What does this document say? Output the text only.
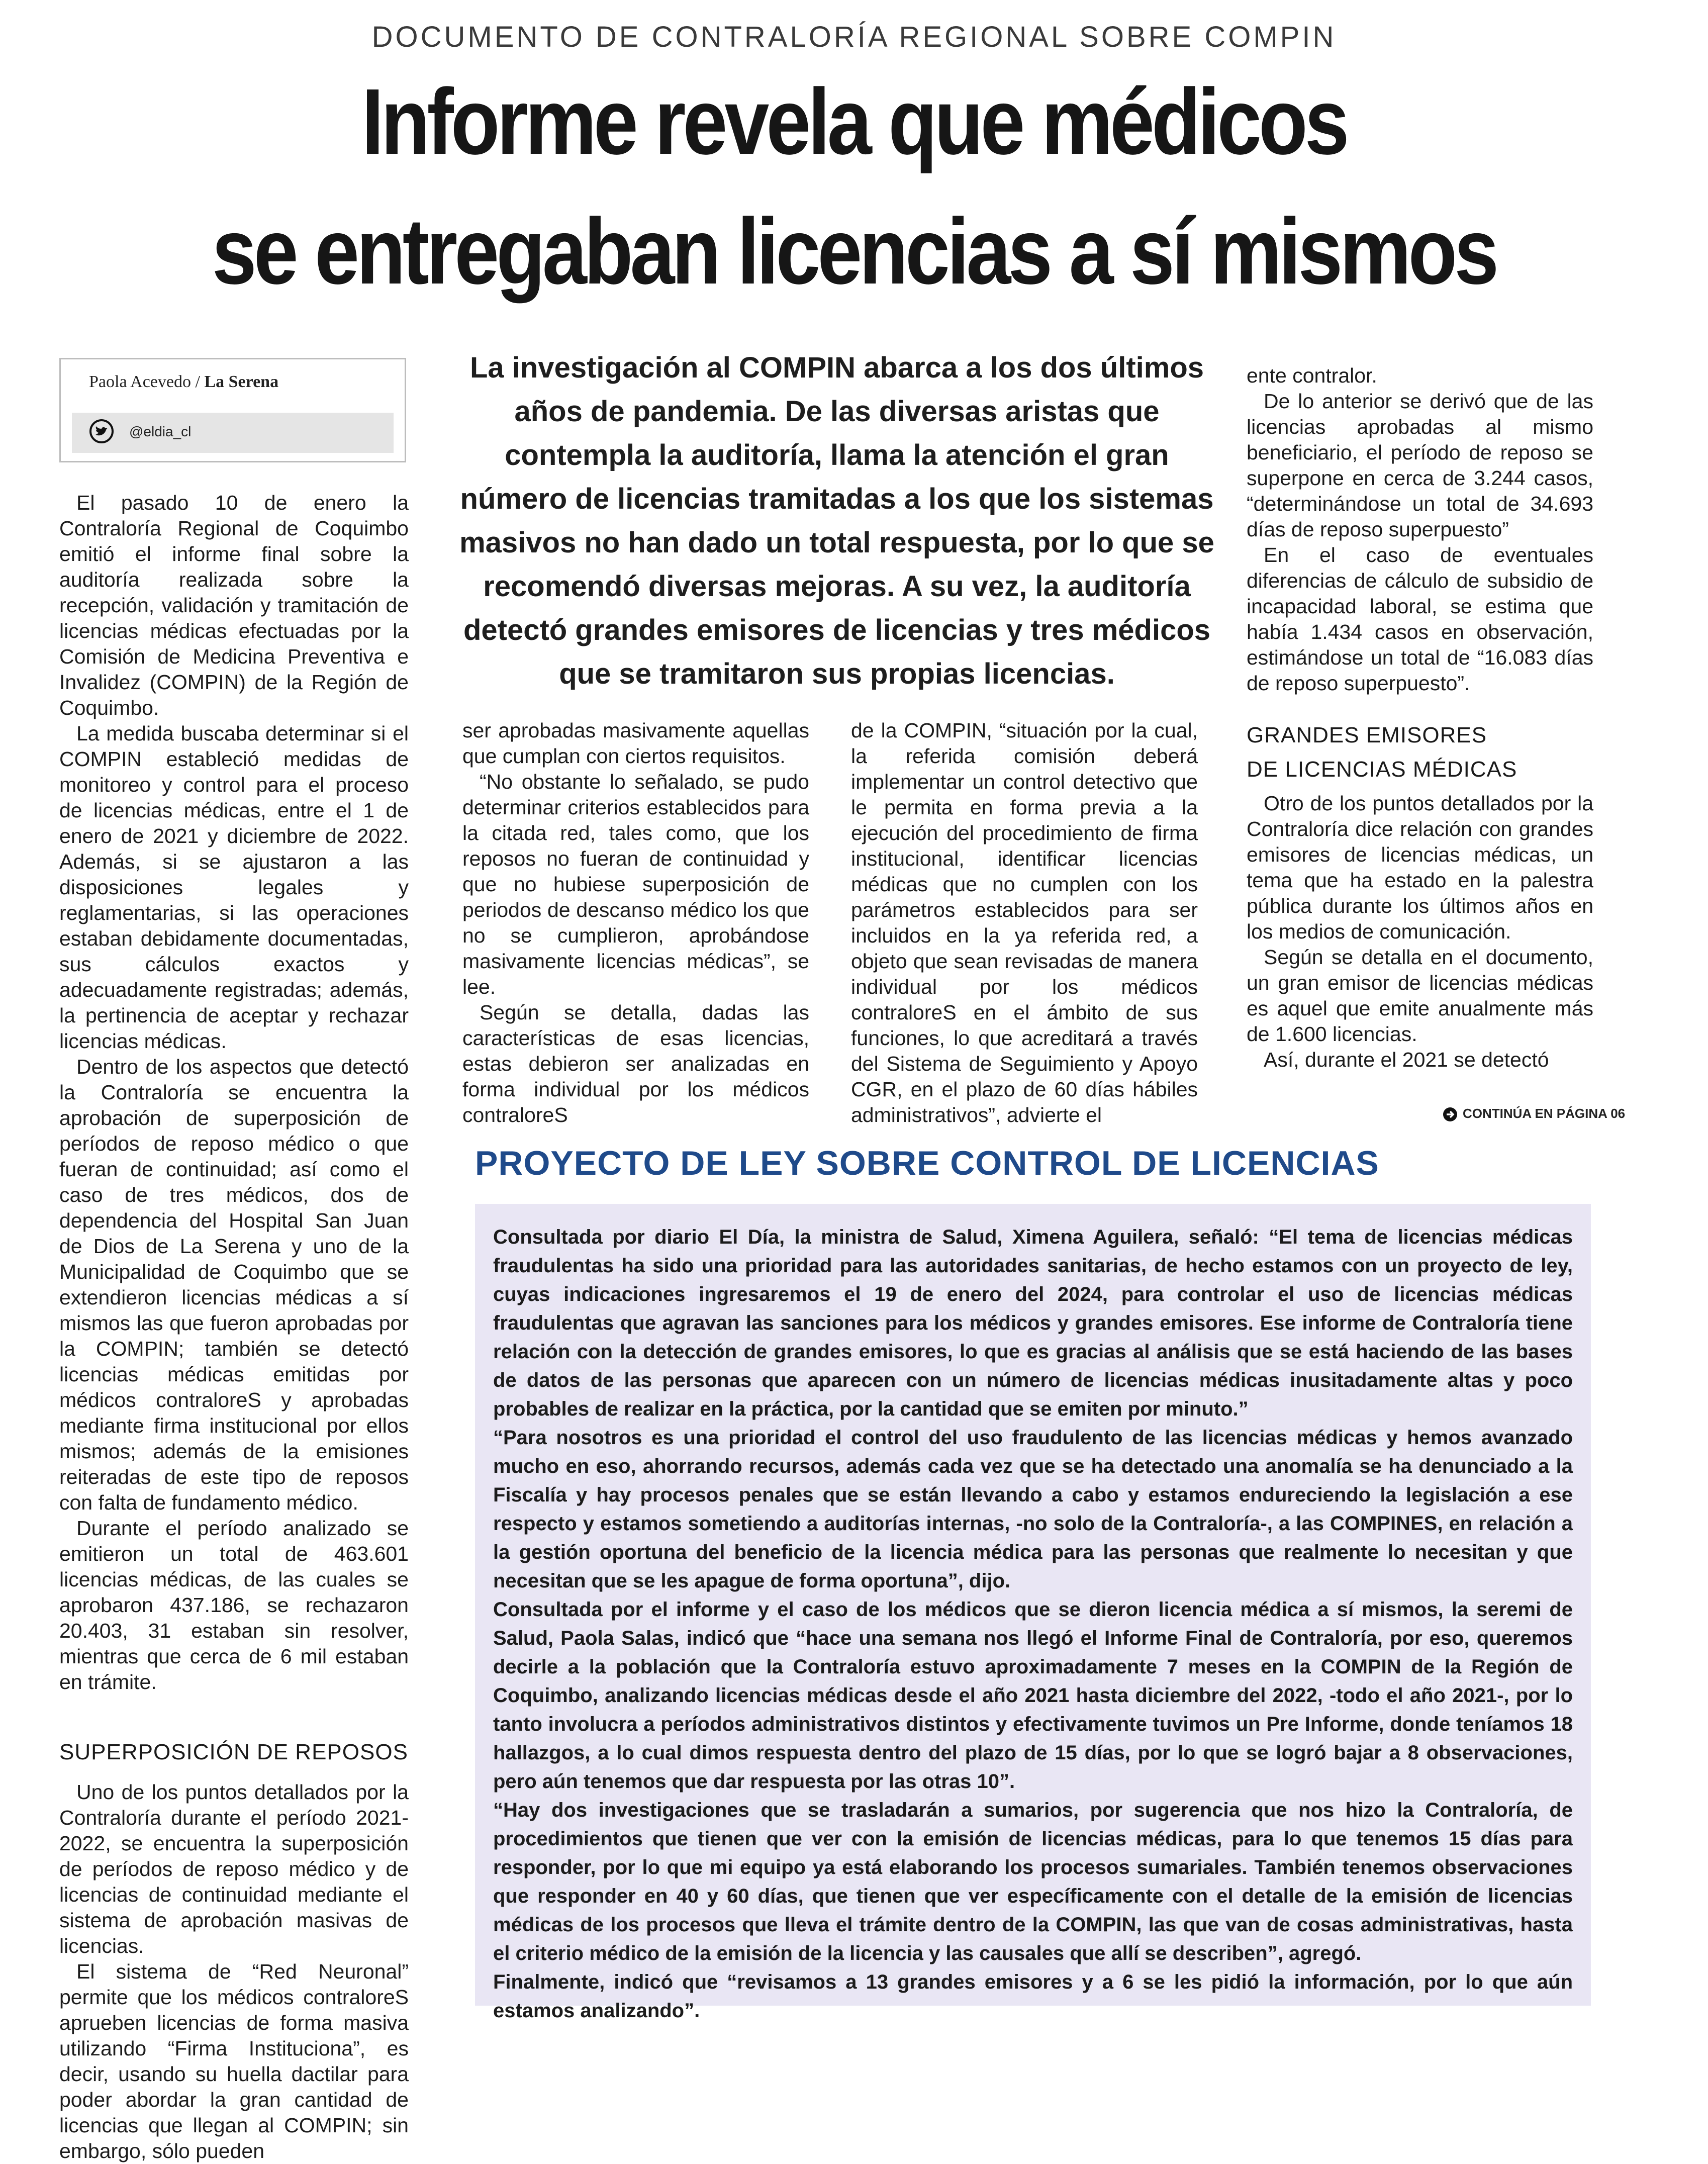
DOCUMENTO DE CONTRALORÍA REGIONAL SOBRE COMPIN
Informe revela que médicos
se entregaban licencias a sí mismos
Paola Acevedo / La Serena
@eldia_cl
La investigación al COMPIN abarca a los dos últimos años de pandemia. De las diversas aristas que contempla la auditoría, llama la atención el gran número de licencias tramitadas a los que los sistemas masivos no han dado un total respuesta, por lo que se recomendó diversas mejoras. A su vez, la auditoría detectó grandes emisores de licencias y tres médicos que se tramitaron sus propias licencias.

El pasado 10 de enero la Contraloría Regional de Coquimbo emitió el informe final sobre la auditoría realizada sobre la recepción, validación y tramitación de licencias médicas efectuadas por la Comisión de Medicina Preventiva e Invalidez (COMPIN) de la Región de Coquimbo.

La medida buscaba determinar si el COMPIN estableció medidas de monitoreo y control para el proceso de licencias médicas, entre el 1 de enero de 2021 y diciembre de 2022. Además, si se ajustaron a las disposiciones legales y reglamentarias, si las operaciones estaban debidamente documentadas, sus cálculos exactos y adecuadamente registradas; además, la pertinencia de aceptar y rechazar licencias médicas.

Dentro de los aspectos que detectó la Contraloría se encuentra la aprobación de superposición de períodos de reposo médico o que fueran de continuidad; así como el caso de tres médicos, dos de dependencia del Hospital San Juan de Dios de La Serena y uno de la Municipalidad de Coquimbo que se extendieron licencias médicas a sí mismos las que fueron aprobadas por la COMPIN; también se detectó licencias médicas emitidas por médicos contraloreS y aprobadas mediante firma institucional por ellos mismos; además de la emisiones reiteradas de este tipo de reposos con falta de fundamento médico.

Durante el período analizado se emitieron un total de 463.601 licencias médicas, de las cuales se aprobaron 437.186, se rechazaron 20.403, 31 estaban sin resolver, mientras que cerca de 6 mil estaban en trámite.

SUPERPOSICIÓN DE REPOSOS

Uno de los puntos detallados por la Contraloría durante el período 2021-2022, se encuentra la superposición de períodos de reposo médico y de licencias de continuidad mediante el sistema de aprobación masivas de licencias.

El sistema de “Red Neuronal” permite que los médicos contraloreS aprueben licencias de forma masiva utilizando “Firma Instituciona”, es decir, usando su huella dactilar para poder abordar la gran cantidad de licencias que llegan al COMPIN; sin embargo, sólo pueden

ser aprobadas masivamente aquellas que cumplan con ciertos requisitos.

“No obstante lo señalado, se pudo determinar criterios establecidos para la citada red, tales como, que los reposos no fueran de continuidad y que no hubiese superposición de periodos de descanso médico los que no se cumplieron, aprobándose masivamente licencias médicas”, se lee.

Según se detalla, dadas las características de esas licencias, estas debieron ser analizadas en forma individual por los médicos contraloreS

de la COMPIN, “situación por la cual, la referida comisión deberá implementar un control detectivo que le permita en forma previa a la ejecución del procedimiento de firma institucional, identificar licencias médicas que no cumplen con los parámetros establecidos para ser incluidos en la ya referida red, a objeto que sean revisadas de manera individual por los médicos contraloreS en el ámbito de sus funciones, lo que acreditará a través del Sistema de Seguimiento y Apoyo CGR, en el plazo de 60 días hábiles administrativos”, advierte el

ente contralor.

De lo anterior se derivó que de las licencias aprobadas al mismo beneficiario, el período de reposo se superpone en cerca de 3.244 casos, “determinándose un total de 34.693 días de reposo superpuesto”

En el caso de eventuales diferencias de cálculo de subsidio de incapacidad laboral, se estima que había 1.434 casos en observación, estimándose un total de “16.083 días de reposo superpuesto”.

GRANDES EMISORES
DE LICENCIAS MÉDICAS

Otro de los puntos detallados por la Contraloría dice relación con grandes emisores de licencias médicas, un tema que ha estado en la palestra pública durante los últimos años en los medios de comunicación.

Según se detalla en el documento, un gran emisor de licencias médicas es aquel que emite anualmente más de 1.600 licencias.

Así, durante el 2021 se detectó

CONTINÚA EN PÁGINA 06
PROYECTO DE LEY SOBRE CONTROL DE LICENCIAS

Consultada por diario El Día, la ministra de Salud, Ximena Aguilera, señaló: “El tema de licencias médicas fraudulentas ha sido una prioridad para las autoridades sanitarias, de hecho estamos con un proyecto de ley, cuyas indicaciones ingresaremos el 19 de enero del 2024, para controlar el uso de licencias médicas fraudulentas que agravan las sanciones para los médicos y grandes emisores. Ese informe de Contraloría tiene relación con la detección de grandes emisores, lo que es gracias al análisis que se está haciendo de las bases de datos de las personas que aparecen con un número de licencias médicas inusitadamente altas y poco probables de realizar en la práctica, por la cantidad que se emiten por minuto.”

“Para nosotros es una prioridad el control del uso fraudulento de las licencias médicas y hemos avanzado mucho en eso, ahorrando recursos, además cada vez que se ha detectado una anomalía se ha denunciado a la Fiscalía y hay procesos penales que se están llevando a cabo y estamos endureciendo la legislación a ese respecto y estamos sometiendo a auditorías internas, -no solo de la Contraloría-, a las COMPINES, en relación a la gestión oportuna del beneficio de la licencia médica para las personas que realmente lo necesitan y que necesitan que se les apague de forma oportuna”, dijo.

Consultada por el informe y el caso de los médicos que se dieron licencia médica a sí mismos, la seremi de Salud, Paola Salas, indicó que “hace una semana nos llegó el Informe Final de Contraloría, por eso, queremos decirle a la población que la Contraloría estuvo aproximadamente 7 meses en la COMPIN de la Región de Coquimbo, analizando licencias médicas desde el año 2021 hasta diciembre del 2022, -todo el año 2021-, por lo tanto involucra a períodos administrativos distintos y efectivamente tuvimos un Pre Informe, donde teníamos 18 hallazgos, a lo cual dimos respuesta dentro del plazo de 15 días, por lo que se logró bajar a 8 observaciones, pero aún tenemos que dar respuesta por las otras 10”.

“Hay dos investigaciones que se trasladarán a sumarios, por sugerencia que nos hizo la Contraloría, de procedimientos que tienen que ver con la emisión de licencias médicas, para lo que tenemos 15 días para responder, por lo que mi equipo ya está elaborando los procesos sumariales. También tenemos observaciones que responder en 40 y 60 días, que tienen que ver específicamente con el detalle de la emisión de licencias médicas de los procesos que lleva el trámite dentro de la COMPIN, las que van de cosas administrativas, hasta el criterio médico de la emisión de la licencia y las causales que allí se describen”, agregó.

Finalmente, indicó que “revisamos a 13 grandes emisores y a 6 se les pidió la información, por lo que aún estamos analizando”.
